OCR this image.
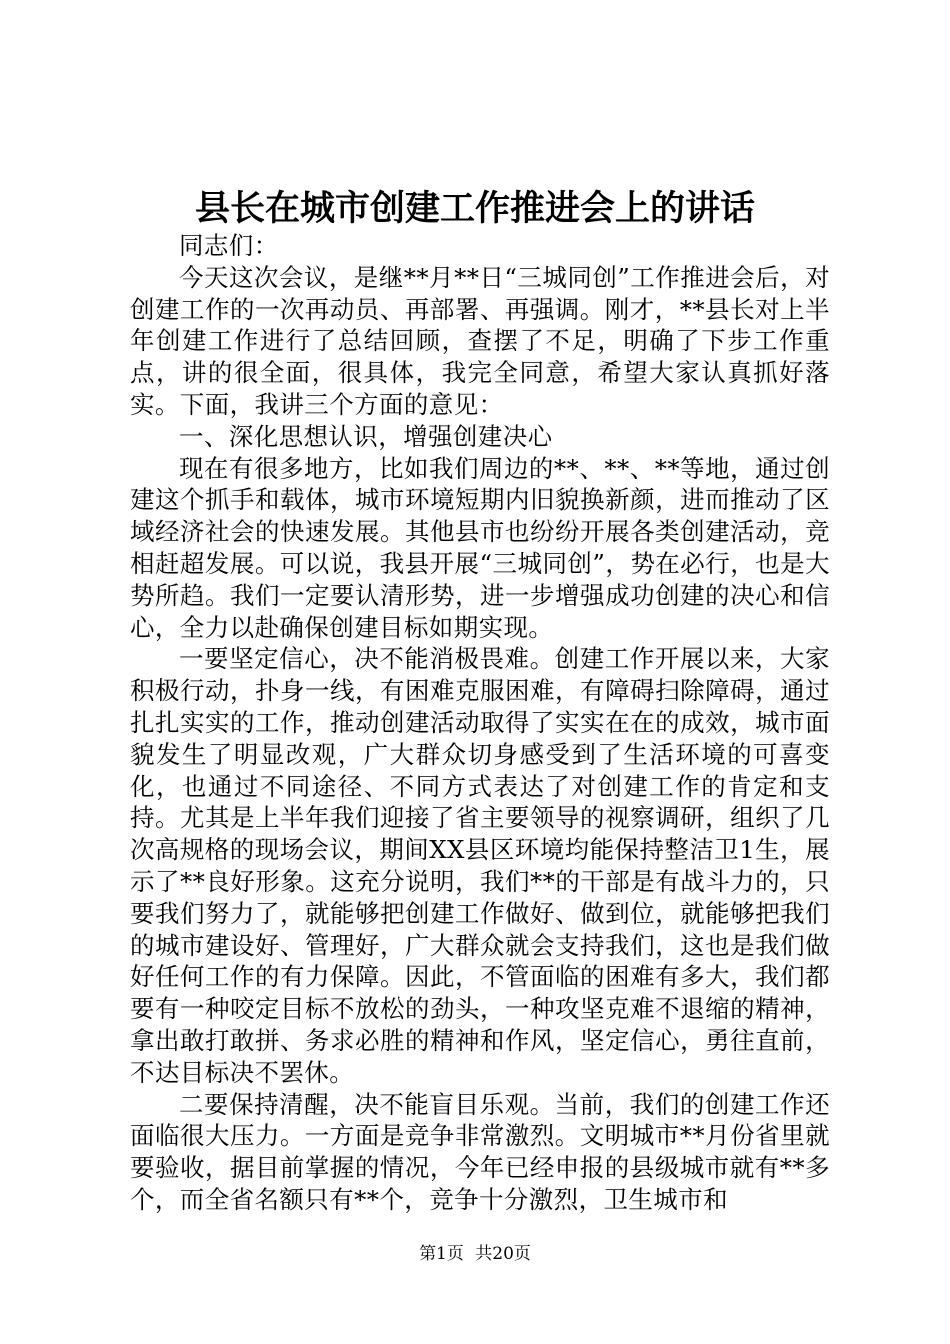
县长在城市创建工作推进会上的讲话

同志们：

今天这次会议，是继**月**日“三城同创”工作推进会后，对创建工作的一次再动员、再部署、再强调。刚才，**县长对上半年创建工作进行了总结回顾，查摆了不足，明确了下步工作重点，讲的很全面，很具体，我完全同意，希望大家认真抓好落实。下面，我讲三个方面的意见：

一、深化思想认识，增强创建决心

现在有很多地方，比如我们周边的**、**、**等地，通过创建这个抓手和载体，城市环境短期内旧貌换新颜，进而推动了区域经济社会的快速发展。其他县市也纷纷开展各类创建活动，竞相赶超发展。可以说，我县开展“三城同创”，势在必行，也是大势所趋。我们一定要认清形势，进一步增强成功创建的决心和信心，全力以赴确保创建目标如期实现。

一要坚定信心，决不能消极畏难。创建工作开展以来，大家积极行动，扑身一线，有困难克服困难，有障碍扫除障碍，通过扎扎实实的工作，推动创建活动取得了实实在在的成效，城市面貌发生了明显改观，广大群众切身感受到了生活环境的可喜变化，也通过不同途径、不同方式表达了对创建工作的肯定和支持。尤其是上半年我们迎接了省主要领导的视察调研，组织了几次高规格的现场会议，期间XX县区环境均能保持整洁卫1生，展示了**良好形象。这充分说明，我们**的干部是有战斗力的，只要我们努力了，就能够把创建工作做好、做到位，就能够把我们的城市建设好、管理好，广大群众就会支持我们，这也是我们做好任何工作的有力保障。因此，不管面临的困难有多大，我们都要有一种咬定目标不放松的劲头，一种攻坚克难不退缩的精神，拿出敢打敢拼、务求必胜的精神和作风，坚定信心，勇往直前，不达目标决不罢休。

二要保持清醒，决不能盲目乐观。当前，我们的创建工作还面临很大压力。一方面是竞争非常激烈。文明城市**月份省里就要验收，据目前掌握的情况，今年已经申报的县级城市就有**多个，而全省名额只有**个，竞争十分激烈，卫生城市和

第1页 共20页
